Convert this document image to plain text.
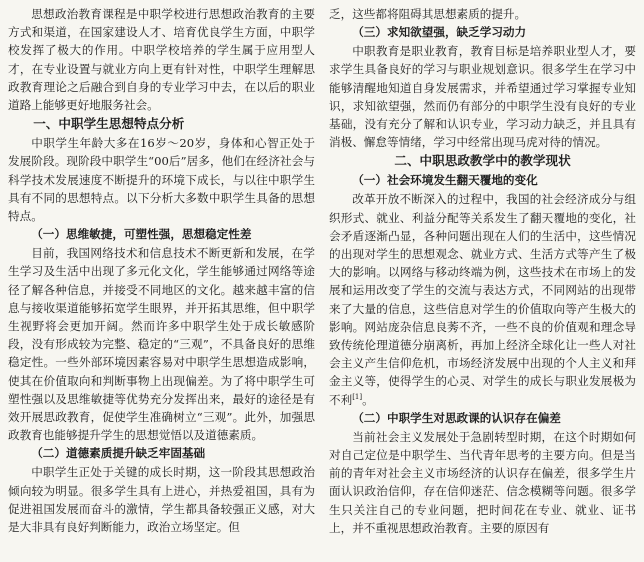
思想政治教育课程是中职学校进行思想政治教育的主要方式和渠道，在国家建设人才、培育优良学生方面，中职学校发挥了极大的作用。中职学校培养的学生属于应用型人才，在专业设置与就业方向上更有针对性，中职学生理解思政教育理论之后融合到自身的专业学习中去，在以后的职业道路上能够更好地服务社会。

一、中职学生思想特点分析

中职学生年龄大多在16岁～20岁，身体和心智正处于发展阶段。现阶段中职学生“00后”居多，他们在经济社会与科学技术发展速度不断提升的环境下成长，与以往中职学生具有不同的思想特点。以下分析大多数中职学生具备的思想特点。

（一）思维敏捷，可塑性强，思想稳定性差

目前，我国网络技术和信息技术不断更新和发展，在学生学习及生活中出现了多元化文化，学生能够通过网络等途径了解各种信息，并接受不同地区的文化。越来越丰富的信息与接收渠道能够拓宽学生眼界，并开拓其思维，但中职学生视野将会更加开阔。然而许多中职学生处于成长敏感阶段，没有形成较为完整、稳定的“三观”，不具备良好的思维稳定性。一些外部环境因素容易对中职学生思想造成影响，使其在价值取向和判断事物上出现偏差。为了将中职学生可塑性强以及思维敏捷等优势充分发挥出来，最好的途径是有效开展思政教育，促使学生准确树立“三观”。此外，加强思政教育也能够提升学生的思想觉悟以及道德素质。

（二）道德素质提升缺乏牢固基础

中职学生正处于关键的成长时期，这一阶段其思想政治倾向较为明显。很多学生具有上进心，并热爱祖国，具有为促进祖国发展而奋斗的激情，学生都具备较强正义感，对大是大非具有良好判断能力，政治立场坚定。但

乏，这些都将阻碍其思想素质的提升。

（三）求知欲望强，缺乏学习动力

中职教育是职业教育，教育目标是培养职业型人才，要求学生具备良好的学习与职业规划意识。很多学生在学习中能够清醒地知道自身发展需求，并希望通过学习掌握专业知识，求知欲望强，然而仍有部分的中职学生没有良好的专业基础，没有充分了解和认识专业，学习动力缺乏，并且具有消极、懈怠等情绪，学习中经常出现马虎对待的情况。

二、中职思政教学中的教学现状
（一）社会环境发生翻天覆地的变化

改革开放不断深入的过程中，我国的社会经济成分与组织形式、就业、利益分配等关系发生了翻天覆地的变化，社会矛盾逐渐凸显，各种问题出现在人们的生活中，这些情况的出现对学生的思想观念、就业方式、生活方式等产生了极大的影响。以网络与移动终端为例，这些技术在市场上的发展和运用改变了学生的交流与表达方式，不同网站的出现带来了大量的信息，这些信息对学生的价值取向等产生极大的影响。网站庞杂信息良莠不齐，一些不良的价值观和理念导致传统伦理道德分崩离析，再加上经济全球化让一些人对社会主义产生信仰危机，市场经济发展中出现的个人主义和拜金主义等，使得学生的心灵、对学生的成长与职业发展极为不利[1]。

（二）中职学生对思政课的认识存在偏差

当前社会主义发展处于急剧转型时期，在这个时期如何对自己定位是中职学生、当代青年思考的主要方向。但是当前的青年对社会主义市场经济的认识存在偏差，很多学生片面认识政治信仰，存在信仰迷茫、信念模糊等问题。很多学生只关注自己的专业问题，把时间花在专业、就业、证书上，并不重视思想政治教育。主要的原因有
